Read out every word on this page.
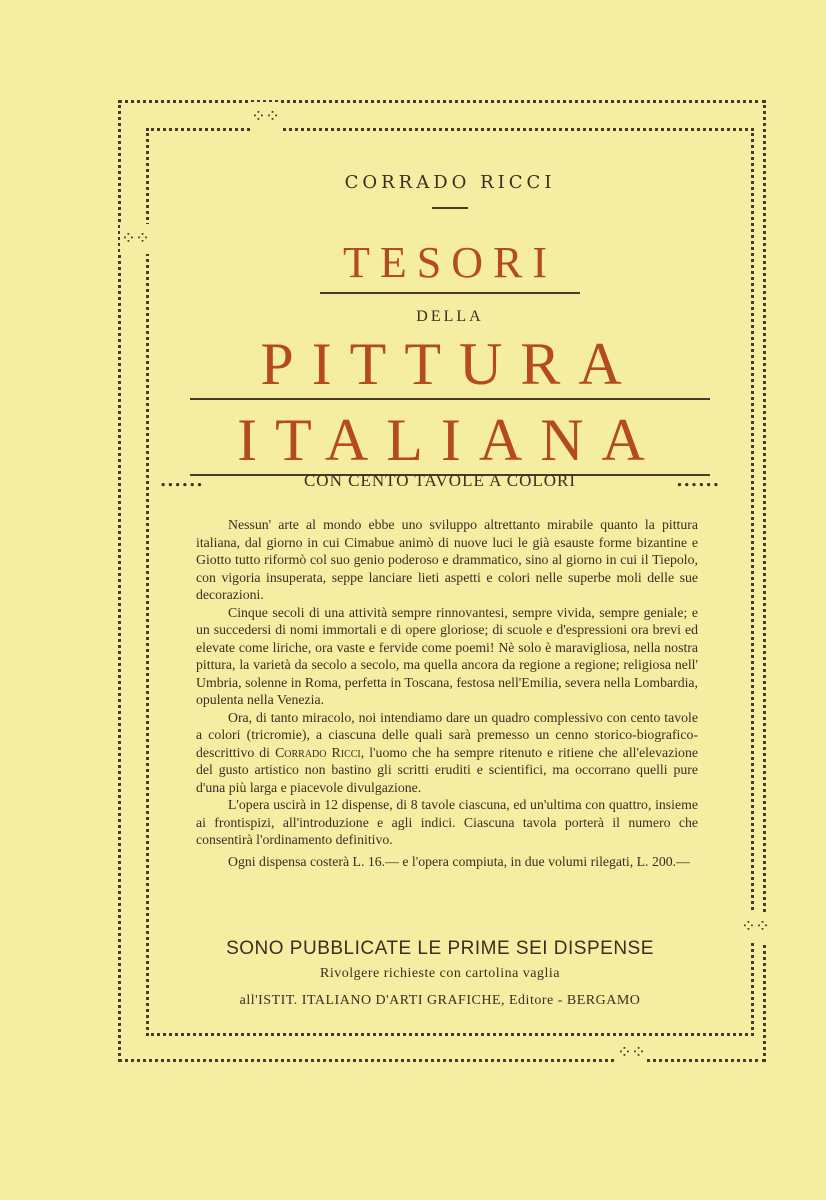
⁘⁘
⁘⁘
⁘⁘
⁘⁘
CORRADO RICCI
TESORI
DELLA
PITTURA
ITALIANA
......	CON CENTO TAVOLE A COLORI	......

Nessun' arte al mondo ebbe uno sviluppo altrettanto mirabile quanto la pittura italiana, dal giorno in cui Cimabue animò di nuove luci le già esauste forme bizantine e Giotto tutto riformò col suo genio poderoso e drammatico, sino al giorno in cui il Tiepolo, con vigoria insuperata, seppe lanciare lieti aspetti e colori nelle superbe moli delle sue decorazioni.

Cinque secoli di una attività sempre rinnovantesi, sempre vivida, sempre geniale; e un succedersi di nomi immortali e di opere gloriose; di scuole e d'espressioni ora brevi ed elevate come liriche, ora vaste e fervide come poemi! Nè solo è maravigliosa, nella nostra pittura, la varietà da secolo a secolo, ma quella ancora da regione a regione; religiosa nell' Umbria, solenne in Roma, perfetta in Toscana, festosa nell'Emilia, severa nella Lombardia, opulenta nella Venezia.

Ora, di tanto miracolo, noi intendiamo dare un quadro complessivo con cento tavole a colori (tricromie), a ciascuna delle quali sarà premesso un cenno storico-biografico-descrittivo di Corrado Ricci, l'uomo che ha sempre ritenuto e ritiene che all'elevazione del gusto artistico non bastino gli scritti eruditi e scientifici, ma occorrano quelli pure d'una più larga e piacevole divulgazione.

L'opera uscirà in 12 dispense, di 8 tavole ciascuna, ed un'ultima con quattro, insieme ai frontispizi, all'introduzione e agli indici. Ciascuna tavola porterà il numero che consentirà l'ordinamento definitivo.

Ogni dispensa costerà L. 16.— e l'opera compiuta, in due volumi rilegati, L. 200.—

SONO PUBBLICATE LE PRIME SEI DISPENSE
Rivolgere richieste con cartolina vaglia
all'ISTIT. ITALIANO D'ARTI GRAFICHE, Editore - BERGAMO
